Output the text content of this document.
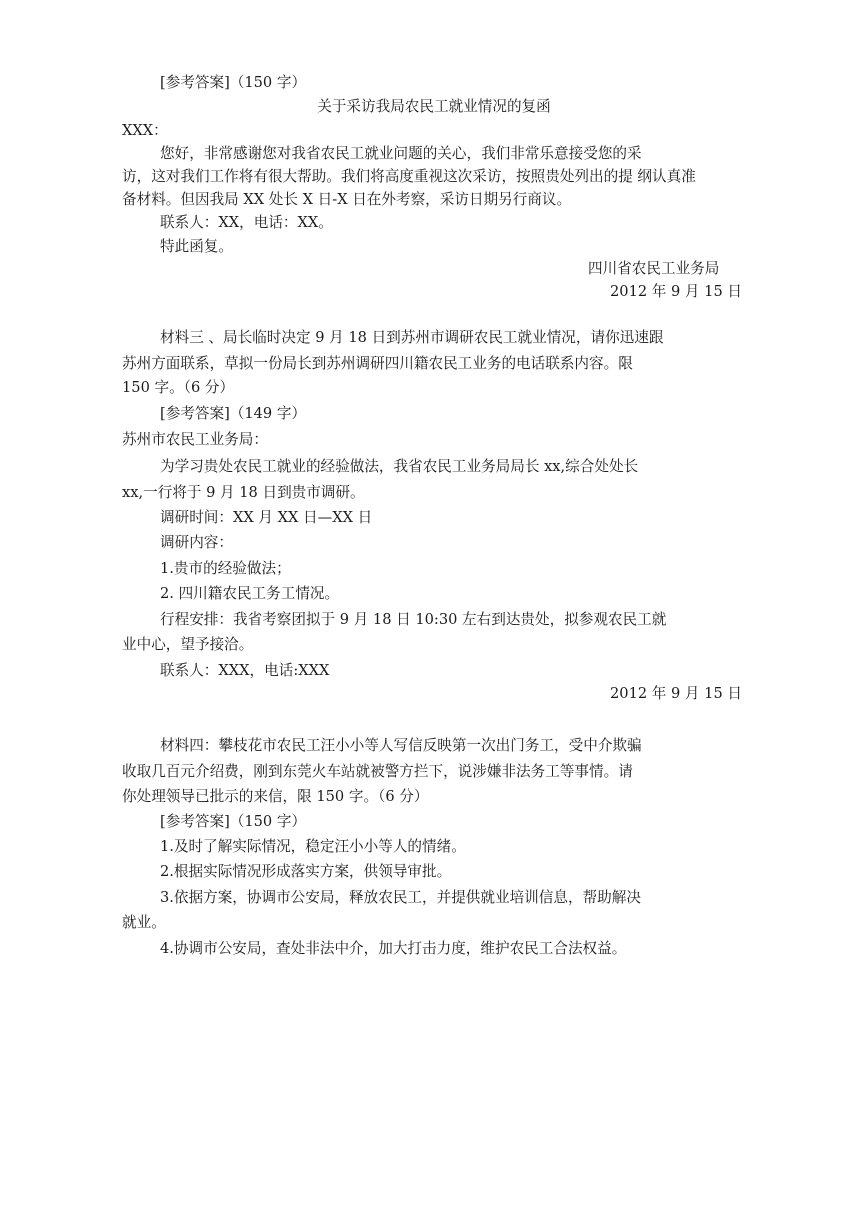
[参考答案]（150 字）
关于采访我局农民工就业情况的复函
XXX：
您好，非常感谢您对我省农民工就业问题的关心，我们非常乐意接受您的采
访，这对我们工作将有很大帮助。我们将高度重视这次采访，按照贵处列出的提 纲认真准
备材料。但因我局 XX 处长 X 日-X 日在外考察，采访日期另行商议。
联系人：XX，电话：XX。
特此函复。
四川省农民工业务局
2012 年 9 月 15 日
材料三 、局长临时决定 9 月 18 日到苏州市调研农民工就业情况，请你迅速跟
苏州方面联系，草拟一份局长到苏州调研四川籍农民工业务的电话联系内容。限
150 字。（6 分）
[参考答案]（149 字）
苏州市农民工业务局：
为学习贵处农民工就业的经验做法，我省农民工业务局局长 xx,综合处处长
xx,一行将于 9 月 18 日到贵市调研。
调研时间：XX 月 XX 日—XX 日
调研内容：
1.贵市的经验做法；
2. 四川籍农民工务工情况。
行程安排：我省考察团拟于 9 月 18 日 10:30 左右到达贵处，拟参观农民工就
业中心，望予接洽。
联系人：XXX，电话:XXX
2012 年 9 月 15 日
材料四：攀枝花市农民工汪小小等人写信反映第一次出门务工，受中介欺骗
收取几百元介绍费，刚到东莞火车站就被警方拦下，说涉嫌非法务工等事情。请
你处理领导已批示的来信，限 150 字。（6 分）
[参考答案]（150 字）
1.及时了解实际情况，稳定汪小小等人的情绪。
2.根据实际情况形成落实方案，供领导审批。
3.依据方案，协调市公安局，释放农民工，并提供就业培训信息，帮助解决
就业。
4.协调市公安局，查处非法中介，加大打击力度，维护农民工合法权益。
